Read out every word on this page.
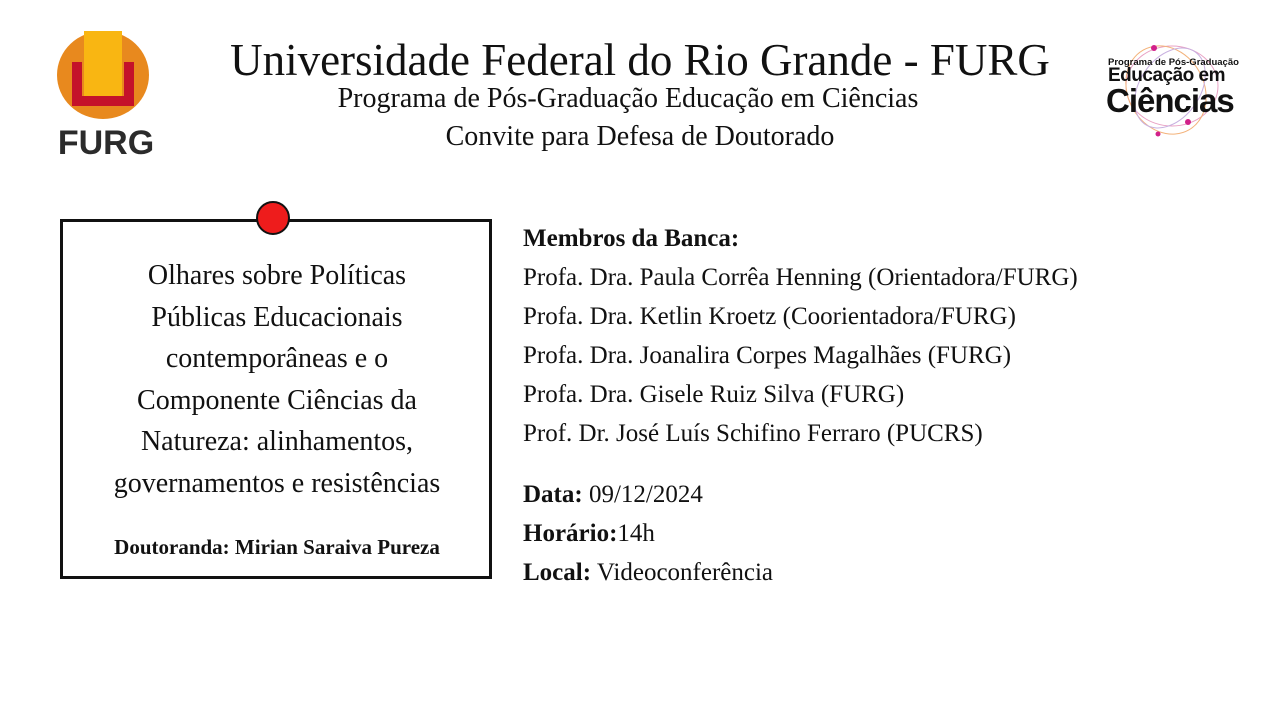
FURG
Universidade Federal do Rio Grande - FURG
Programa de Pós-Graduação Educação em Ciências
Convite para Defesa de Doutorado
Programa de Pós-Graduação
Educação em
Ciências
Olhares sobre Políticas
Públicas Educacionais
contemporâneas e o
Componente Ciências da
Natureza: alinhamentos,
governamentos e resistências
Doutoranda: Mirian Saraiva Pureza
Membros da Banca:
Profa. Dra. Paula Corrêa Henning (Orientadora/FURG)
Profa. Dra. Ketlin Kroetz (Coorientadora/FURG)
Profa. Dra. Joanalira Corpes Magalhães (FURG)
Profa. Dra. Gisele Ruiz Silva (FURG)
Prof. Dr. José Luís Schifino Ferraro (PUCRS)
Data: 09/12/2024
Horário:14h
Local: Videoconferência
